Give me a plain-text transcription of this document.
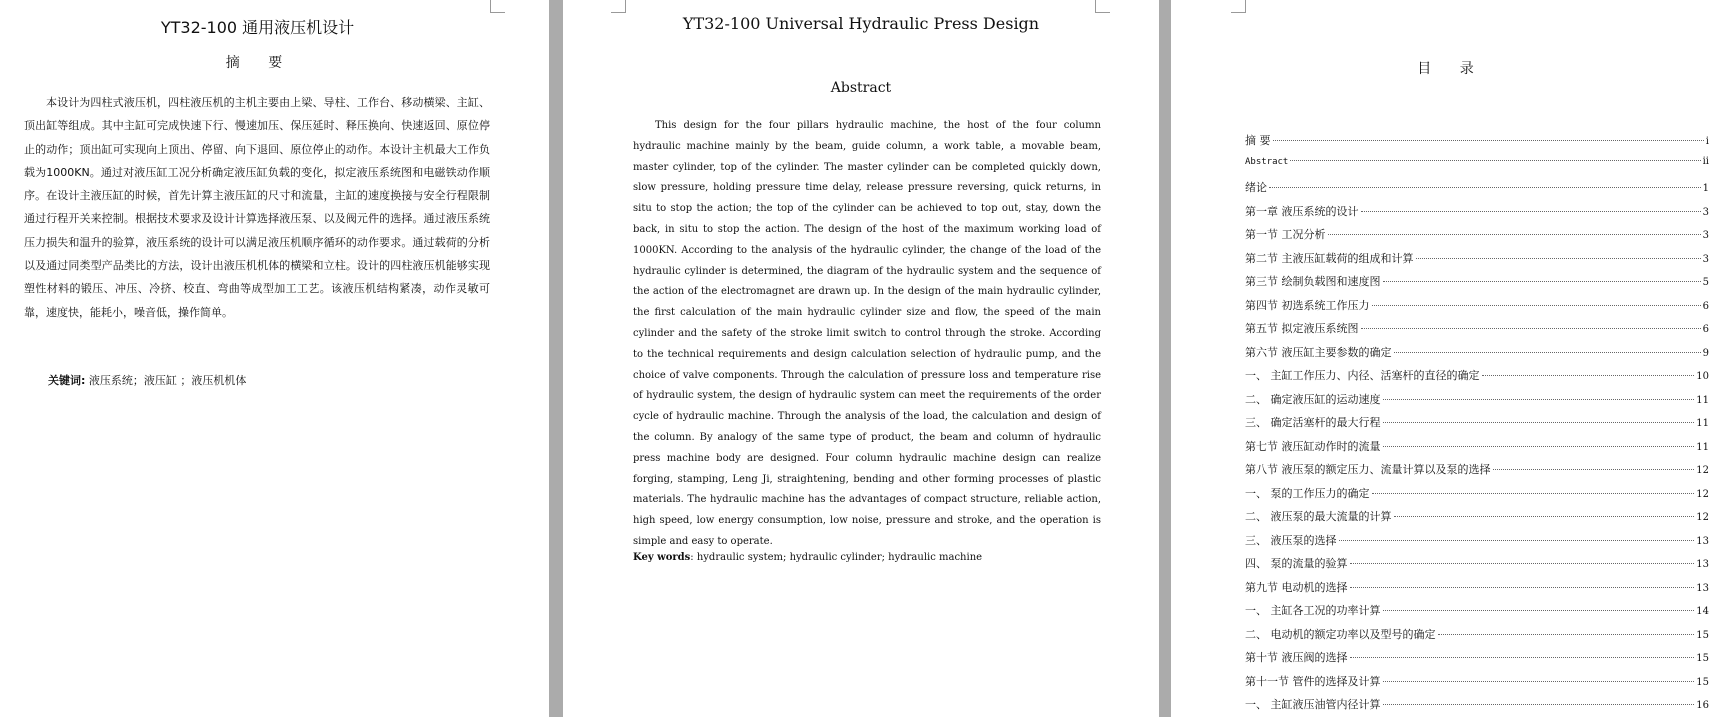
YT32-100 通用液压机设计
摘 要

本设计为四柱式液压机，四柱液压机的主机主要由上梁、导柱、工作台、移动横梁、主缸、顶出缸等组成。其中主缸可完成快速下行、慢速加压、保压延时、释压换向、快速返回、原位停止的动作；顶出缸可实现向上顶出、停留、向下退回、原位停止的动作。本设计主机最大工作负载为1000KN。通过对液压缸工况分析确定液压缸负载的变化，拟定液压系统图和电磁铁动作顺序。在设计主液压缸的时候，首先计算主液压缸的尺寸和流量，主缸的速度换接与安全行程限制通过行程开关来控制。根据技术要求及设计计算选择液压泵、以及阀元件的选择。通过液压系统压力损失和温升的验算，液压系统的设计可以满足液压机顺序循环的动作要求。通过载荷的分析以及通过同类型产品类比的方法，设计出液压机机体的横梁和立柱。设计的四柱液压机能够实现塑性材料的锻压、冲压、冷挤、校直、弯曲等成型加工工艺。该液压机结构紧凑，动作灵敏可靠，速度快，能耗小，噪音低，操作简单。

关键词: 液压系统；液压缸 ；液压机机体
YT32-100 Universal Hydraulic Press Design
Abstract

This design for the four pillars hydraulic machine, the host of the four column hydraulic machine mainly by the beam, guide column, a work table, a movable beam, master cylinder, top of the cylinder. The master cylinder can be completed quickly down, slow pressure, holding pressure time delay, release pressure reversing, quick returns, in situ to stop the action; the top of the cylinder can be achieved to top out, stay, down the back, in situ to stop the action. The design of the host of the maximum working load of 1000KN. According to the analysis of the hydraulic cylinder, the change of the load of the hydraulic cylinder is determined, the diagram of the hydraulic system and the sequence of the action of the electromagnet are drawn up. In the design of the main hydraulic cylinder, the first calculation of the main hydraulic cylinder size and flow, the speed of the main cylinder and the safety of the stroke limit switch to control through the stroke. According to the technical requirements and design calculation selection of hydraulic pump, and the choice of valve components. Through the calculation of pressure loss and temperature rise of hydraulic system, the design of hydraulic system can meet the requirements of the order cycle of hydraulic machine. Through the analysis of the load, the calculation and design of the column. By analogy of the same type of product, the beam and column of hydraulic press machine body are designed. Four column hydraulic machine design can realize forging, stamping, Leng Ji, straightening, bending and other forming processes of plastic materials. The hydraulic machine has the advantages of compact structure, reliable action, high speed, low energy consumption, low noise, pressure and stroke, and the operation is simple and easy to operate.

Key words: hydraulic system; hydraulic cylinder; hydraulic machine
目 录
摘 要	i
Abstract	ii
绪论	1
第一章 液压系统的设计	3
第一节 工况分析	3
第二节 主液压缸载荷的组成和计算	3
第三节 绘制负载图和速度图	5
第四节 初选系统工作压力	6
第五节 拟定液压系统图	6
第六节 液压缸主要参数的确定	9
一、 主缸工作压力、内径、活塞杆的直径的确定	10
二、 确定液压缸的运动速度	11
三、 确定活塞杆的最大行程	11
第七节 液压缸动作时的流量	11
第八节 液压泵的额定压力、流量计算以及泵的选择	12
一、 泵的工作压力的确定	12
二、 液压泵的最大流量的计算	12
三、 液压泵的选择	13
四、 泵的流量的验算	13
第九节 电动机的选择	13
一、 主缸各工况的功率计算	14
二、 电动机的额定功率以及型号的确定	15
第十节 液压阀的选择	15
第十一节 管件的选择及计算	15
一、 主缸液压油管内径计算	16
